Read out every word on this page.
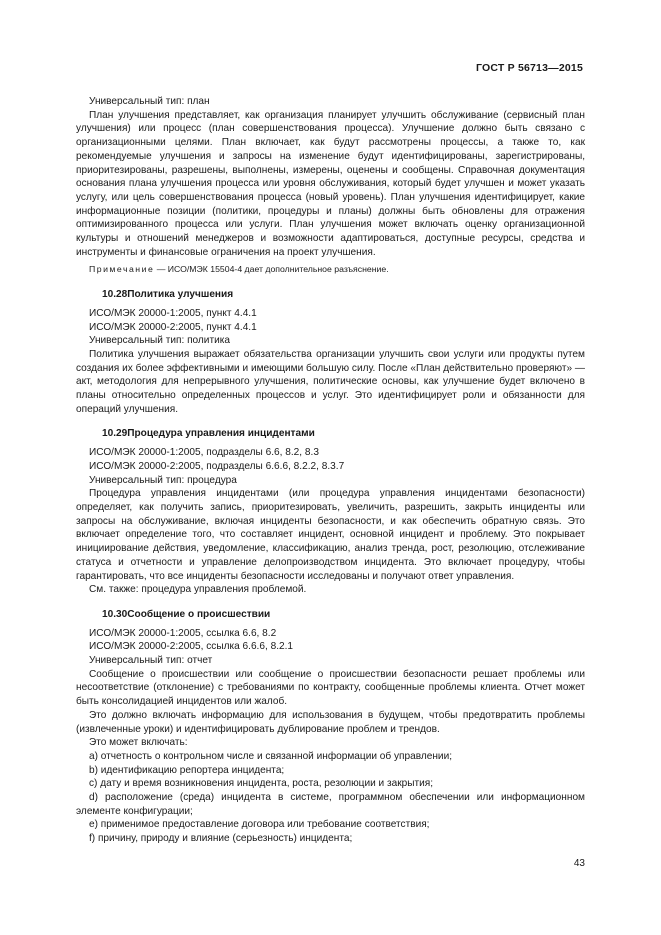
ГОСТ Р 56713—2015

Универсальный тип: план

План улучшения представляет, как организация планирует улучшить обслуживание (сервисный план улучшения) или процесс (план совершенствования процесса). Улучшение должно быть связано с организационными целями. План включает, как будут рассмотрены процессы, а также то, как рекомендуемые улучшения и запросы на изменение будут идентифицированы, зарегистрированы, приоритезированы, разрешены, выполнены, измерены, оценены и сообщены. Справочная документация основания плана улучшения процесса или уровня обслуживания, который будет улучшен и может указать услугу, или цель совершенствования процесса (новый уровень). План улучшения идентифицирует, какие информационные позиции (политики, процедуры и планы) должны быть обновлены для отражения оптимизированного процесса или услуги. План улучшения может включать оценку организационной культуры и отношений менеджеров и возможности адаптироваться, доступные ресурсы, средства и инструменты и финансовые ограничения на проект улучшения.

Примечание — ИСО/МЭК 15504-4 дает дополнительное разъяснение.

10.28Политика улучшения

ИСО/МЭК 20000-1:2005, пункт 4.4.1

ИСО/МЭК 20000-2:2005, пункт 4.4.1

Универсальный тип: политика

Политика улучшения выражает обязательства организации улучшить свои услуги или продукты путем создания их более эффективными и имеющими большую силу. После «План действительно проверяют» — акт, методология для непрерывного улучшения, политические основы, как улучшение будет включено в планы относительно определенных процессов и услуг. Это идентифицирует роли и обязанности для операций улучшения.

10.29Процедура управления инцидентами

ИСО/МЭК 20000-1:2005, подразделы 6.6, 8.2, 8.3

ИСО/МЭК 20000-2:2005, подразделы 6.6.6, 8.2.2, 8.3.7

Универсальный тип: процедура

Процедура управления инцидентами (или процедура управления инцидентами безопасности) определяет, как получить запись, приоритезировать, увеличить, разрешить, закрыть инциденты или запросы на обслуживание, включая инциденты безопасности, и как обеспечить обратную связь. Это включает определение того, что составляет инцидент, основной инцидент и проблему. Это покрывает инициирование действия, уведомление, классификацию, анализ тренда, рост, резолюцию, отслеживание статуса и отчетности и управление делопроизводством инцидента. Это включает процедуру, чтобы гарантировать, что все инциденты безопасности исследованы и получают ответ управления.

См. также: процедура управления проблемой.

10.30Сообщение о происшествии

ИСО/МЭК 20000-1:2005, ссылка 6.6, 8.2

ИСО/МЭК 20000-2:2005, ссылка 6.6.6, 8.2.1

Универсальный тип: отчет

Сообщение о происшествии или сообщение о происшествии безопасности решает проблемы или несоответствие (отклонение) с требованиями по контракту, сообщенные проблемы клиента. Отчет может быть консолидацией инцидентов или жалоб.

Это должно включать информацию для использования в будущем, чтобы предотвратить проблемы (извлеченные уроки) и идентифицировать дублирование проблем и трендов.

Это может включать:

a) отчетность о контрольном числе и связанной информации об управлении;

b) идентификацию репортера инцидента;

c) дату и время возникновения инцидента, роста, резолюции и закрытия;

d) расположение (среда) инцидента в системе, программном обеспечении или информационном элементе конфигурации;

e) применимое предоставление договора или требование соответствия;

f) причину, природу и влияние (серьезность) инцидента;

43
